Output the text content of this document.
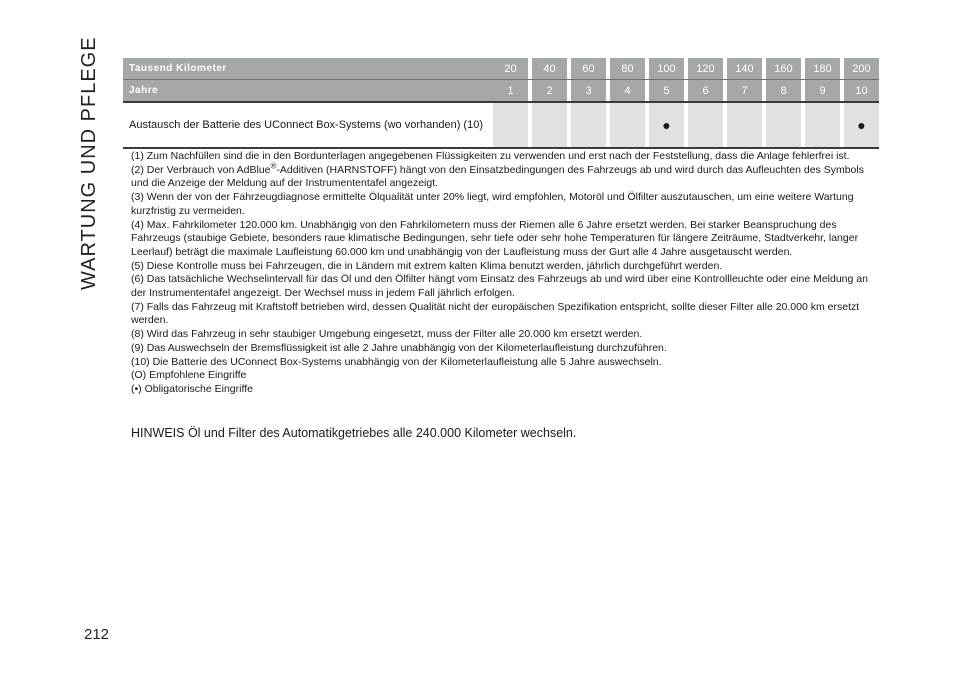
WARTUNG UND PFLEGE
212
Tausend Kilometer	20		40		60		80		100		120		140		160		180		200
Jahre	1		2		3		4		5		6		7		8		9		10
Austausch der Batterie des UConnect Box-Systems (wo vorhanden) (10)									●										●

(1) Zum Nachfüllen sind die in den Bordunterlagen angegebenen Flüssigkeiten zu verwenden und erst nach der Feststellung, dass die Anlage fehlerfrei ist.

(2) Der Verbrauch von AdBlue®-Additiven (HARNSTOFF) hängt von den Einsatzbedingungen des Fahrzeugs ab und wird durch das Aufleuchten des Symbols und die Anzeige der Meldung auf der Instrumententafel angezeigt.

(3) Wenn der von der Fahrzeugdiagnose ermittelte Ölqualität unter 20% liegt, wird empfohlen, Motoröl und Ölfilter auszutauschen, um eine weitere Wartung kurzfristig zu vermeiden.

(4) Max. Fahrkilometer 120.000 km. Unabhängig von den Fahrkilometern muss der Riemen alle 6 Jahre ersetzt werden. Bei starker Beanspruchung des Fahrzeugs (staubige Gebiete, besonders raue klimatische Bedingungen, sehr tiefe oder sehr hohe Temperaturen für längere Zeiträume, Stadtverkehr, langer Leerlauf) beträgt die maximale Laufleistung 60.000 km und unabhängig von der Laufleistung muss der Gurt alle 4 Jahre ausgetauscht werden.

(5) Diese Kontrolle muss bei Fahrzeugen, die in Ländern mit extrem kalten Klima benutzt werden, jährlich durchgeführt werden.

(6) Das tatsächliche Wechselintervall für das Öl und den Ölfilter hängt vom Einsatz des Fahrzeugs ab und wird über eine Kontrollleuchte oder eine Meldung an der Instrumententafel angezeigt. Der Wechsel muss in jedem Fall jährlich erfolgen.

(7) Falls das Fahrzeug mit Kraftstoff betrieben wird, dessen Qualität nicht der europäischen Spezifikation entspricht, sollte dieser Filter alle 20.000 km ersetzt werden.

(8) Wird das Fahrzeug in sehr staubiger Umgebung eingesetzt, muss der Filter alle 20.000 km ersetzt werden.

(9) Das Auswechseln der Bremsflüssigkeit ist alle 2 Jahre unabhängig von der Kilometerlaufleistung durchzuführen.

(10) Die Batterie des UConnect Box-Systems unabhängig von der Kilometerlaufleistung alle 5 Jahre auswechseln.

(O) Empfohlene Eingriffe

(•) Obligatorische Eingriffe

HINWEIS Öl und Filter des Automatikgetriebes alle 240.000 Kilometer wechseln.
